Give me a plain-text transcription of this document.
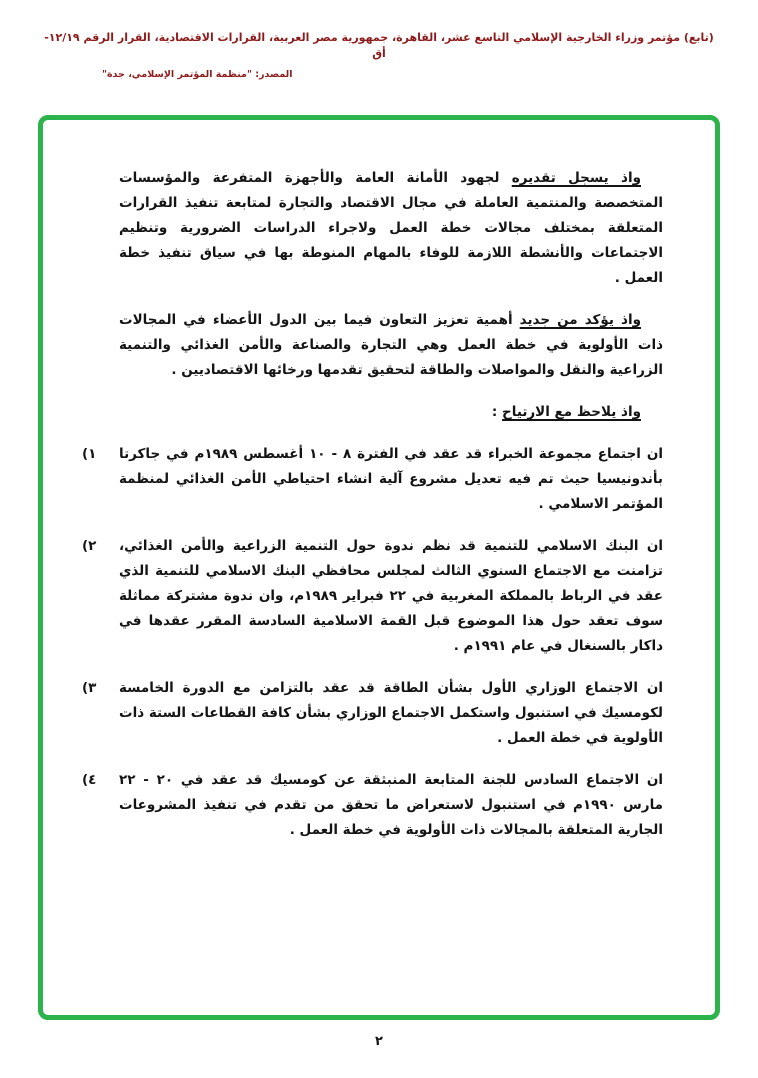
(تابع) مؤتمر وزراء الخارجية الإسلامي التاسع عشر، القاهرة، جمهورية مصر العربية، القرارات الاقتصادية، القرار الرقم ١٢/١٩-أق
المصدر: "منظمة المؤتمر الإسلامي، جدة"

واذ يسجل تقديره لجهود الأمانة العامة والأجهزة المتفرعة والمؤسسات المتخصصة والمنتمية العاملة في مجال الاقتصاد والتجارة لمتابعة تنفيذ القرارات المتعلقة بمختلف مجالات خطة العمل ولاجراء الدراسات الضرورية وتنظيم الاجتماعات والأنشطة اللازمة للوفاء بالمهام المنوطة بها في سياق تنفيذ خطة العمل .

واذ يؤكد من جديد أهمية تعزيز التعاون فيما بين الدول الأعضاء في المجالات ذات الأولوية في خطة العمل وهي التجارة والصناعة والأمن الغذائي والتنمية الزراعية والنقل والمواصلات والطاقة لتحقيق تقدمها ورخائها الاقتصاديين .

واذ يلاحظ مع الارتياح :

١)	ان اجتماع مجموعة الخبراء قد عقد في الفترة ٨ - ١٠ أغسطس ١٩٨٩م في جاكرتا بأندونيسيا حيث تم فيه تعديل مشروع آلية انشاء احتياطي الأمن الغذائي لمنظمة المؤتمر الاسلامي .

٢)	ان البنك الاسلامي للتنمية قد نظم ندوة حول التنمية الزراعية والأمن الغذائي، تزامنت مع الاجتماع السنوي الثالث لمجلس محافظي البنك الاسلامي للتنمية الذي عقد في الرباط بالمملكة المغربية في ٢٢ فبراير ١٩٨٩م، وان ندوة مشتركة مماثلة سوف تعقد حول هذا الموضوع قبل القمة الاسلامية السادسة المقرر عقدها في داكار بالسنغال في عام ١٩٩١م .

٣)	ان الاجتماع الوزاري الأول بشأن الطاقة قد عقد بالتزامن مع الدورة الخامسة لكومسيك في استنبول واستكمل الاجتماع الوزاري بشأن كافة القطاعات الستة ذات الأولوية في خطة العمل .

٤)	ان الاجتماع السادس للجنة المتابعة المنبثقة عن كومسيك قد عقد في ٢٠ - ٢٢ مارس ١٩٩٠م في استنبول لاستعراض ما تحقق من تقدم في تنفيذ المشروعات الجارية المتعلقة بالمجالات ذات الأولوية في خطة العمل .

٢
